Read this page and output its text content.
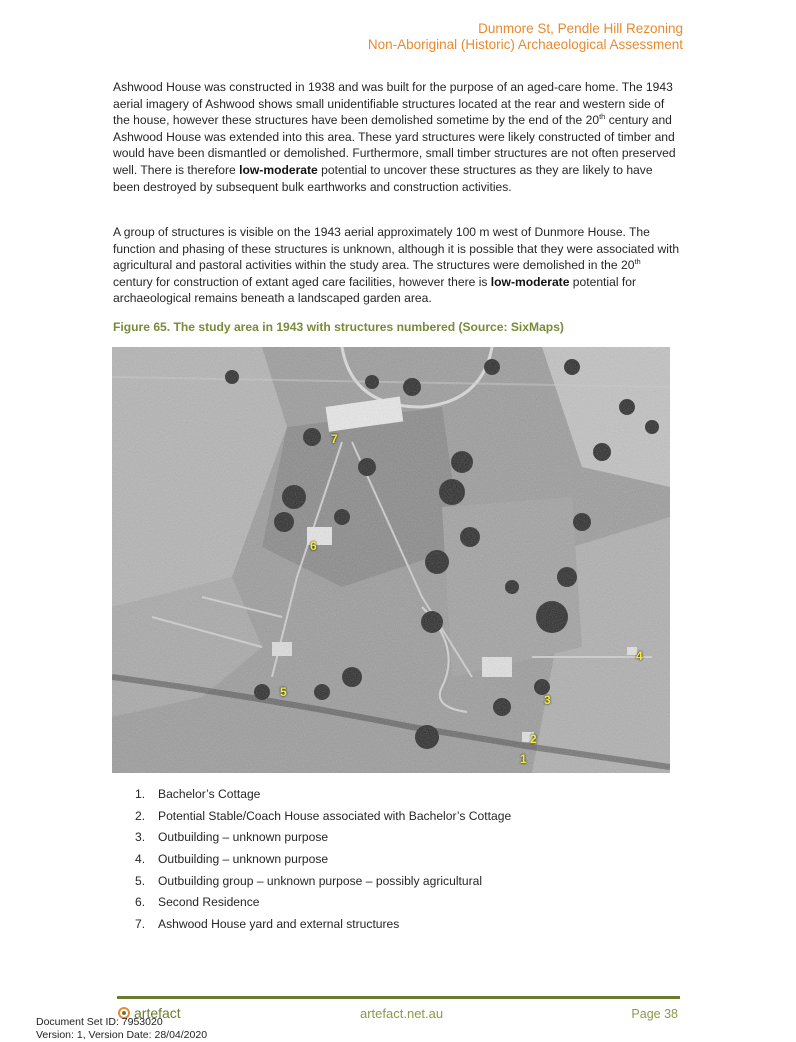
Dunmore St, Pendle Hill Rezoning
Non-Aboriginal (Historic) Archaeological Assessment

Ashwood House was constructed in 1938 and was built for the purpose of an aged-care home. The 1943 aerial imagery of Ashwood shows small unidentifiable structures located at the rear and western side of the house, however these structures have been demolished sometime by the end of the 20th century and Ashwood House was extended into this area. These yard structures were likely constructed of timber and would have been dismantled or demolished. Furthermore, small timber structures are not often preserved well. There is therefore low-moderate potential to uncover these structures as they are likely to have been destroyed by subsequent bulk earthworks and construction activities.

A group of structures is visible on the 1943 aerial approximately 100 m west of Dunmore House. The function and phasing of these structures is unknown, although it is possible that they were associated with agricultural and pastoral activities within the study area. The structures were demolished in the 20th century for construction of extant aged care facilities, however there is low-moderate potential for archaeological remains beneath a landscaped garden area.

Figure 65. The study area in 1943 with structures numbered (Source: SixMaps)
7
6
4
5
3
2
1
1.	Bachelor’s Cottage
2.	Potential Stable/Coach House associated with Bachelor’s Cottage
3.	Outbuilding – unknown purpose
4.	Outbuilding – unknown purpose
5.	Outbuilding group – unknown purpose – possibly agricultural
6.	Second Residence
7.	Ashwood House yard and external structures
artefact	artefact.net.au	Page 38
Document Set ID: 7953020
Version: 1, Version Date: 28/04/2020
